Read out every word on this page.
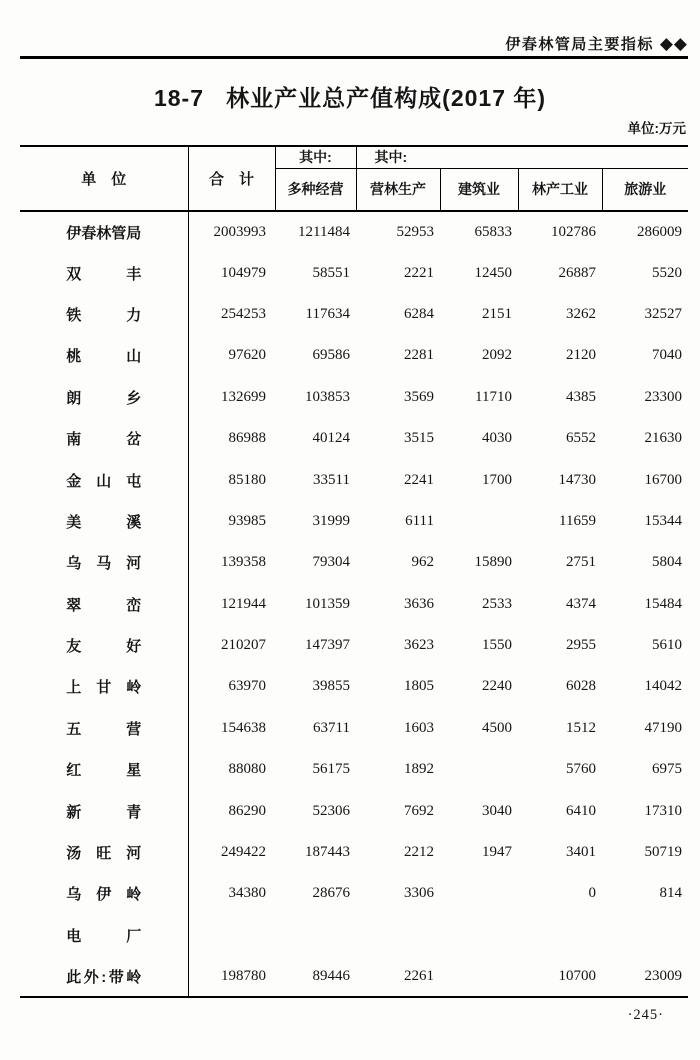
伊春林管局主要指标 ◆◆
18-7   林业产业总产值构成(2017 年)
单位:万元
单　位	合　计	其中:	其中:			
		多种经营	营林生产	建筑业	林产工业	旅游业
伊春林管局	2003993	1211484	52953	65833	102786	286009
双丰	104979	58551	2221	12450	26887	5520
铁力	254253	117634	6284	2151	3262	32527
桃山	97620	69586	2281	2092	2120	7040
朗乡	132699	103853	3569	11710	4385	23300
南岔	86988	40124	3515	4030	6552	21630
金山屯	85180	33511	2241	1700	14730	16700
美溪	93985	31999	6111		11659	15344
乌马河	139358	79304	962	15890	2751	5804
翠峦	121944	101359	3636	2533	4374	15484
友好	210207	147397	3623	1550	2955	5610
上甘岭	63970	39855	1805	2240	6028	14042
五营	154638	63711	1603	4500	1512	47190
红星	88080	56175	1892		5760	6975
新青	86290	52306	7692	3040	6410	17310
汤旺河	249422	187443	2212	1947	3401	50719
乌伊岭	34380	28676	3306		0	814
电厂						
此外:带岭	198780	89446	2261		10700	23009
·245·
